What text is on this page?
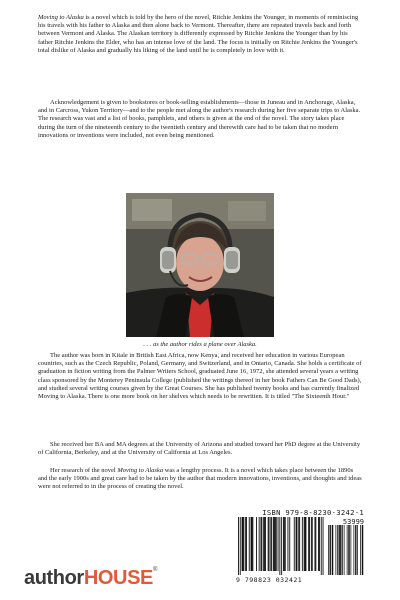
Moving to Alaska is a novel which is told by the hero of the novel, Ritchie Jenkins the Younger, in moments of reminiscing his travels with his father to Alaska and then alone back to Vermont. Thereafter, there are repeated travels back and forth between Vermont and Alaska. The Alaskan territory is differently expressed by Ritchie Jenkins the Younger than by his father Ritchie Jenkins the Elder, who has an intense love of the land. The focus is initially on Ritchie Jenkins the Younger's total dislike of Alaska and gradually his liking of the land until he is completely in love with it.

Acknowledgement is given to bookstores or book-selling establishments—those in Juneau and in Anchorage, Alaska, and in Carcross, Yukon Territory—and to the people met along the author's research during her five separate trips to Alaska. The research was vast and a list of books, pamphlets, and others is given at the end of the novel. The story takes place during the turn of the nineteenth century to the twentieth century and therewith care had to be taken that no modern innovations or inventions were included, not even being mentioned.

. . . as the author rides a plane over Alaska.

The author was born in Kitale in British East Africa, now Kenya, and received her education in various European countries, such as the Czech Republic, Poland, Germany, and Switzerland, and in Ontario, Canada. She holds a certificate of graduation in fiction writing from the Palmer Writers School, graduated June 16, 1972, she attended several years a writing class sponsored by the Monterey Peninsula College (published the writings thereof in her book Fathers Can Be Good Dads), and studied several writing courses given by the Great Courses. She has published twenty books and has currently finalized Moving to Alaska. There is one more book on her shelves which needs to be rewritten. It is titled "The Sixteenth Hour."

She received her BA and MA degrees at the University of Arizona and studied toward her PhD degree at the University of California, Berkeley, and at the University of California at Los Angeles.

Her research of the novel Moving to Alaska was a lengthy process. It is a novel which takes place between the 1890s and the early 1900s and great care had to be taken by the author that modern innovations, inventions, and thoughts and ideas were not referred to in the process of creating the novel.

ISBN 979-8-8230-3242-1
53999
9 798823 032421
authorHOUSE®
